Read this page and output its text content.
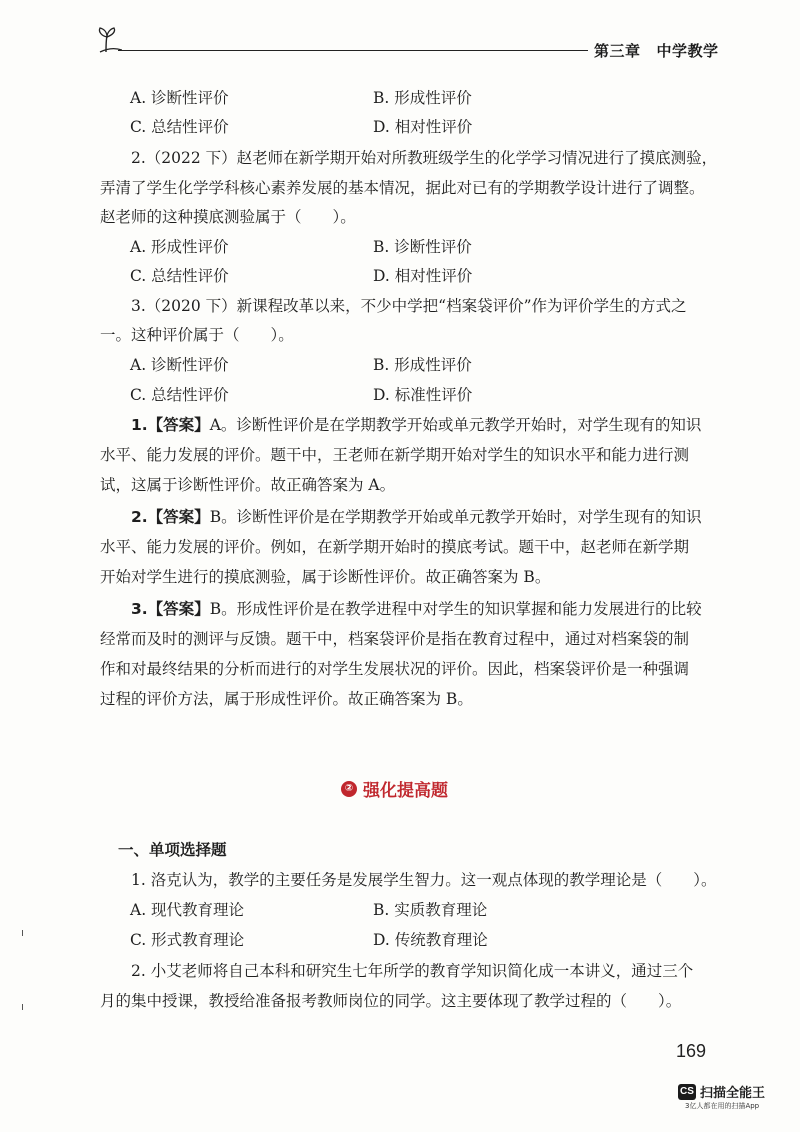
第三章 中学教学
A. 诊断性评价	B. 形成性评价
C. 总结性评价	D. 相对性评价
2.（2022 下）赵老师在新学期开始对所教班级学生的化学学习情况进行了摸底测验，
弄清了学生化学学科核心素养发展的基本情况，据此对已有的学期教学设计进行了调整。
赵老师的这种摸底测验属于（　　）。
A. 形成性评价	B. 诊断性评价
C. 总结性评价	D. 相对性评价
3.（2020 下）新课程改革以来，不少中学把“档案袋评价”作为评价学生的方式之
一。这种评价属于（　　）。
A. 诊断性评价	B. 形成性评价
C. 总结性评价	D. 标准性评价
1.【答案】A。诊断性评价是在学期教学开始或单元教学开始时，对学生现有的知识
水平、能力发展的评价。题干中，王老师在新学期开始对学生的知识水平和能力进行测
试，这属于诊断性评价。故正确答案为 A。
2.【答案】B。诊断性评价是在学期教学开始或单元教学开始时，对学生现有的知识
水平、能力发展的评价。例如，在新学期开始时的摸底考试。题干中，赵老师在新学期
开始对学生进行的摸底测验，属于诊断性评价。故正确答案为 B。
3.【答案】B。形成性评价是在教学进程中对学生的知识掌握和能力发展进行的比较
经常而及时的测评与反馈。题干中，档案袋评价是指在教育过程中，通过对档案袋的制
作和对最终结果的分析而进行的对学生发展状况的评价。因此，档案袋评价是一种强调
过程的评价方法，属于形成性评价。故正确答案为 B。
② 强化提高题
一、单项选择题
1. 洛克认为，教学的主要任务是发展学生智力。这一观点体现的教学理论是（　　）。
A. 现代教育理论	B. 实质教育理论
C. 形式教育理论	D. 传统教育理论
2. 小艾老师将自己本科和研究生七年所学的教育学知识简化成一本讲义，通过三个
月的集中授课，教授给准备报考教师岗位的同学。这主要体现了教学过程的（　　）。
169
CS 扫描全能王
3亿人都在用的扫描App
